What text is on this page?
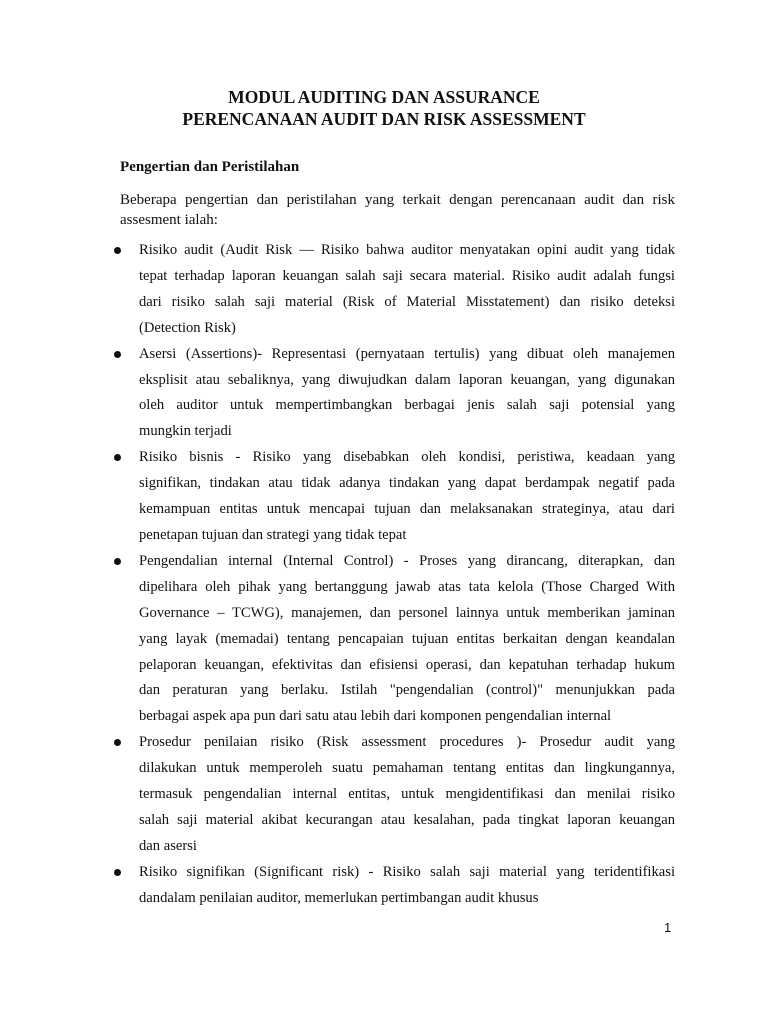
MODUL AUDITING DAN ASSURANCE
PERENCANAAN AUDIT DAN RISK ASSESSMENT
Pengertian dan Peristilahan
Beberapa pengertian dan peristilahan yang terkait dengan perencanaan audit dan risk assesment ialah:
Risiko audit (Audit Risk — Risiko bahwa auditor menyatakan opini audit yang tidak
tepat terhadap laporan keuangan salah saji secara material. Risiko audit adalah fungsi
dari risiko salah saji material (Risk of Material Misstatement) dan risiko deteksi
(Detection Risk)
Asersi (Assertions)- Representasi (pernyataan tertulis) yang dibuat oleh manajemen
eksplisit atau sebaliknya, yang diwujudkan dalam laporan keuangan, yang digunakan
oleh auditor untuk mempertimbangkan berbagai jenis salah saji potensial yang
mungkin terjadi
Risiko bisnis - Risiko yang disebabkan oleh kondisi, peristiwa, keadaan yang
signifikan, tindakan atau tidak adanya tindakan yang dapat berdampak negatif pada
kemampuan entitas untuk mencapai tujuan dan melaksanakan strateginya, atau dari
penetapan tujuan dan strategi yang tidak tepat
Pengendalian internal (Internal Control) - Proses yang dirancang, diterapkan, dan
dipelihara oleh pihak yang bertanggung jawab atas tata kelola (Those Charged With
Governance – TCWG), manajemen, dan personel lainnya untuk memberikan jaminan
yang layak (memadai) tentang pencapaian tujuan entitas berkaitan dengan keandalan
pelaporan keuangan, efektivitas dan efisiensi operasi, dan kepatuhan terhadap hukum
dan peraturan yang berlaku. Istilah "pengendalian (control)" menunjukkan pada
berbagai aspek apa pun dari satu atau lebih dari komponen pengendalian internal
Prosedur penilaian risiko (Risk assessment procedures )- Prosedur audit yang
dilakukan untuk memperoleh suatu pemahaman tentang entitas dan lingkungannya,
termasuk pengendalian internal entitas, untuk mengidentifikasi dan menilai risiko
salah saji material akibat kecurangan atau kesalahan, pada tingkat laporan keuangan
dan asersi
Risiko signifikan (Significant risk) - Risiko salah saji material yang teridentifikasi
dandalam penilaian auditor, memerlukan pertimbangan audit khusus
1
